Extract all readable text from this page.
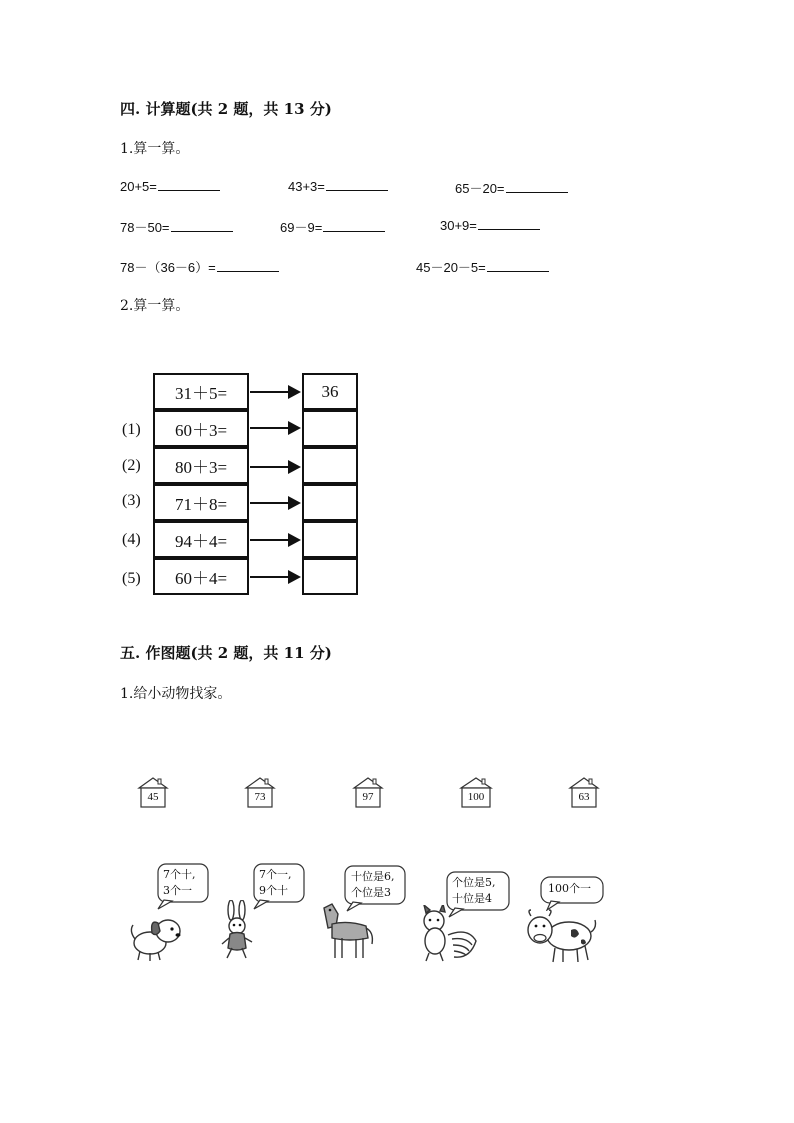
四. 计算题(共 2 题，共 13 分)
1.算一算。
20+5=	43+3=	65－20=
78－50=	69－9=	30+9=
78－（36－6）=	45－20－5=
2.算一算。
31＋5=	36
(1)	60＋3=
(2)	80＋3=
(3)	71＋8=
(4)	94＋4=
(5)	60＋4=
五. 作图题(共 2 题，共 11 分)
1.给小动物找家。
45	73	97	100	63
7个十,
3个一
7个一,
9个十
十位是6,
个位是3
个位是5,
十位是4
100个一
